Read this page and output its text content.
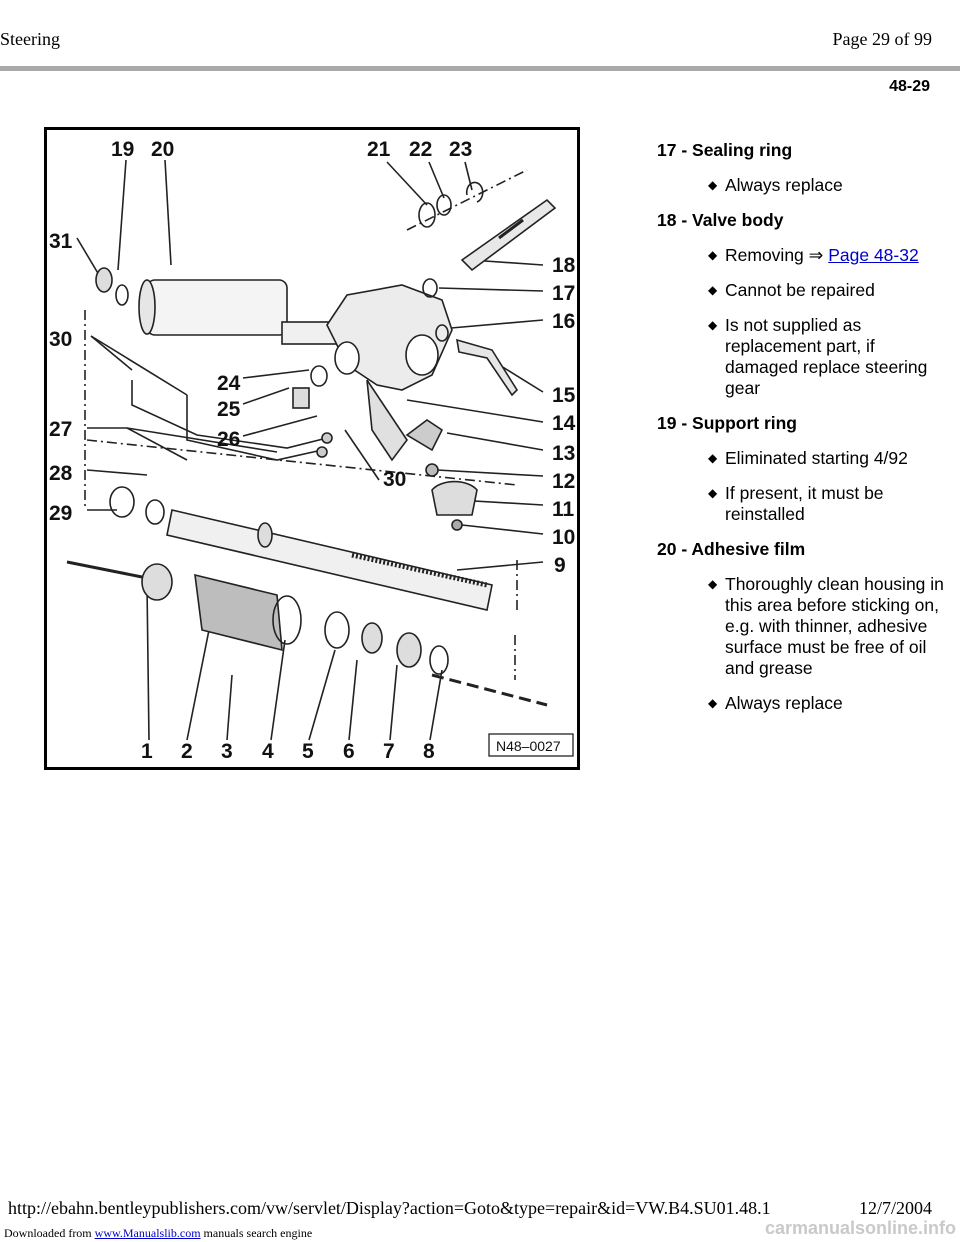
Steering	Page 29 of 99
48-29
19 20	21 22 23
31
18
17
16
30
24
25
15
14
27	26
13
30	12
28
11
29
10
9
1 2 3 4 5 6 7 8	N48–0027
17 - Sealing ring
◆ Always replace
18 - Valve body
◆ Removing ⇒ Page 48-32
◆ Cannot be repaired
◆ Is not supplied as replacement part, if damaged replace steering gear
19 - Support ring
◆ Eliminated starting 4/92
◆ If present, it must be reinstalled
20 - Adhesive film
◆ Thoroughly clean housing in this area before sticking on, e.g. with thinner, adhesive surface must be free of oil and grease
◆ Always replace
http://ebahn.bentleypublishers.com/vw/servlet/Display?action=Goto&type=repair&id=VW.B4.SU01.48.1	12/7/2004
Downloaded from www.Manualslib.com manuals search engine	carmanualsonline.info
